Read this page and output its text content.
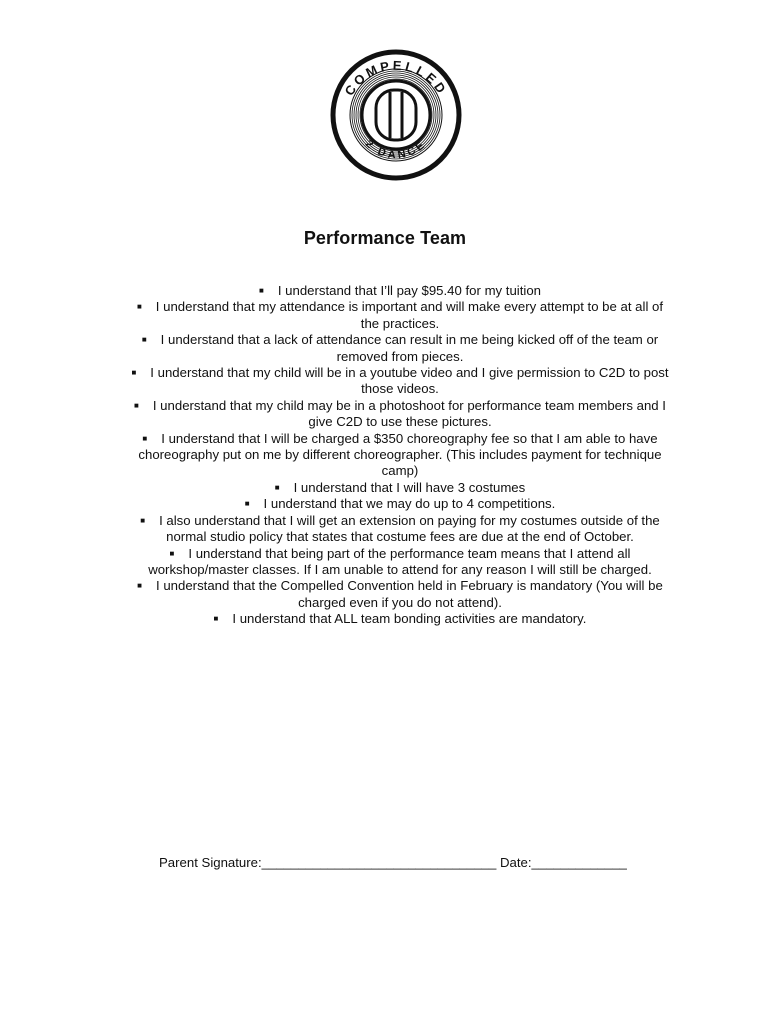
COMPELLED
2 DANCE
Performance Team
■ I understand that I’ll pay $95.40 for my tuition
■ I understand that my attendance is important and will make every attempt to be at all of the practices.
■ I understand that a lack of attendance can result in me being kicked off of the team or removed from pieces.
■ I understand that my child will be in a youtube video and I give permission to C2D to post those videos.
■ I understand that my child may be in a photoshoot for performance team members and I give C2D to use these pictures.
■ I understand that I will be charged a $350 choreography fee so that I am able to have choreography put on me by different choreographer. (This includes payment for technique camp)
■ I understand that I will have 3 costumes
■ I understand that we may do up to 4 competitions.
■ I also understand that I will get an extension on paying for my costumes outside of the normal studio policy that states that costume fees are due at the end of October.
■ I understand that being part of the performance team means that I attend all workshop/master classes. If I am unable to attend for any reason I will still be charged.
■ I understand that the Compelled Convention held in February is mandatory (You will be charged even if you do not attend).
■ I understand that ALL team bonding activities are mandatory.
Parent Signature:________________________________ Date:_____________
